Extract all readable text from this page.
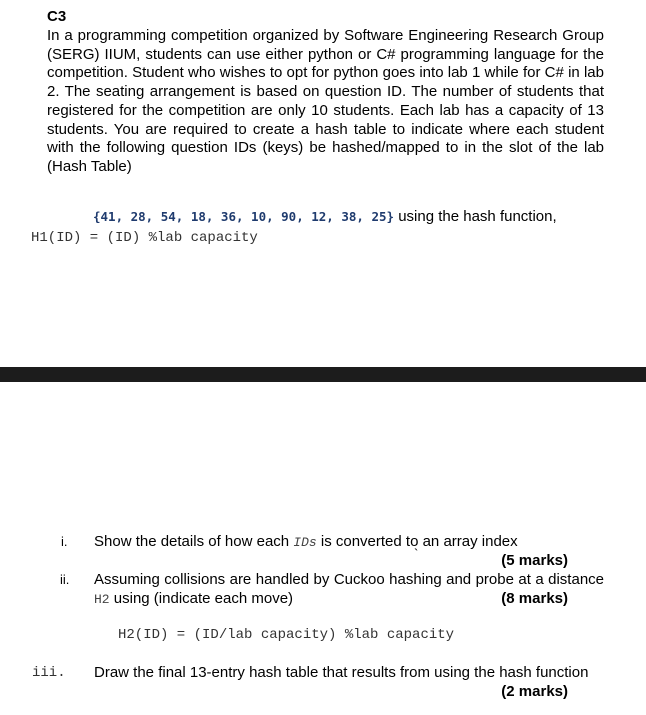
C3

In a programming competition organized by Software Engineering Research Group (SERG) IIUM, students can use either python or C# programming language for the competition. Student who wishes to opt for python goes into lab 1 while for C# in lab 2. The seating arrangement is based on question ID. The number of students that registered for the competition are only 10 students. Each lab has a capacity of 13 students. You are required to create a hash table to indicate where each student with the following question IDs (keys) be hashed/mapped to in the slot of the lab (Hash Table)

{41, 28, 54, 18, 36, 10, 90, 12, 38, 25} using the hash function,
H1(ID) = (ID) %lab capacity
i. Show the details of how each IDs is converted to an array index
`	(5 marks)
ii. Assuming collisions are handled by Cuckoo hashing and probe at a distance H2 using (indicate each move)	(8 marks)
H2(ID) = (ID/lab capacity) %lab capacity
iii. Draw the final 13-entry hash table that results from using the hash function
(2 marks)
